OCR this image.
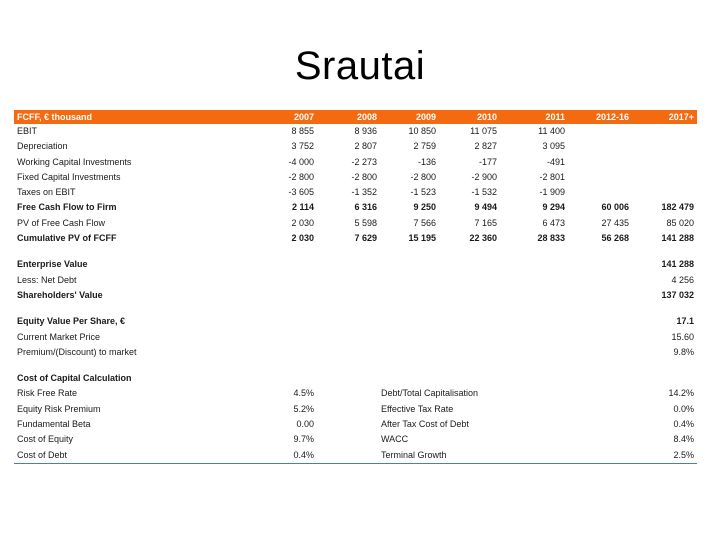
Srautai
FCFF, € thousand	2007	2008	2009	2010	2011	2012-16	2017+
EBIT	8 855	8 936	10 850	11 075	11 400
Depreciation	3 752	2 807	2 759	2 827	3 095
Working Capital Investments	-4 000	-2 273	-136	-177	-491
Fixed Capital Investments	-2 800	-2 800	-2 800	-2 900	-2 801
Taxes on EBIT	-3 605	-1 352	-1 523	-1 532	-1 909
Free Cash Flow to Firm	2 114	6 316	9 250	9 494	9 294	60 006	182 479
PV of Free Cash Flow	2 030	5 598	7 566	7 165	6 473	27 435	85 020
Cumulative PV of FCFF	2 030	7 629	15 195	22 360	28 833	56 268	141 288
Enterprise Value	141 288
Less: Net Debt	4 256
Shareholders' Value	137 032
Equity Value Per Share, €	17.1
Current Market Price	15.60
Premium/(Discount) to market	9.8%
Cost of Capital Calculation
Risk Free Rate	4.5%	Debt/Total Capitalisation	14.2%
Equity Risk Premium	5.2%	Effective Tax Rate	0.0%
Fundamental Beta	0.00	After Tax Cost of Debt	0.4%
Cost of Equity	9.7%	WACC	8.4%
Cost of Debt	0.4%	Terminal Growth	2.5%
